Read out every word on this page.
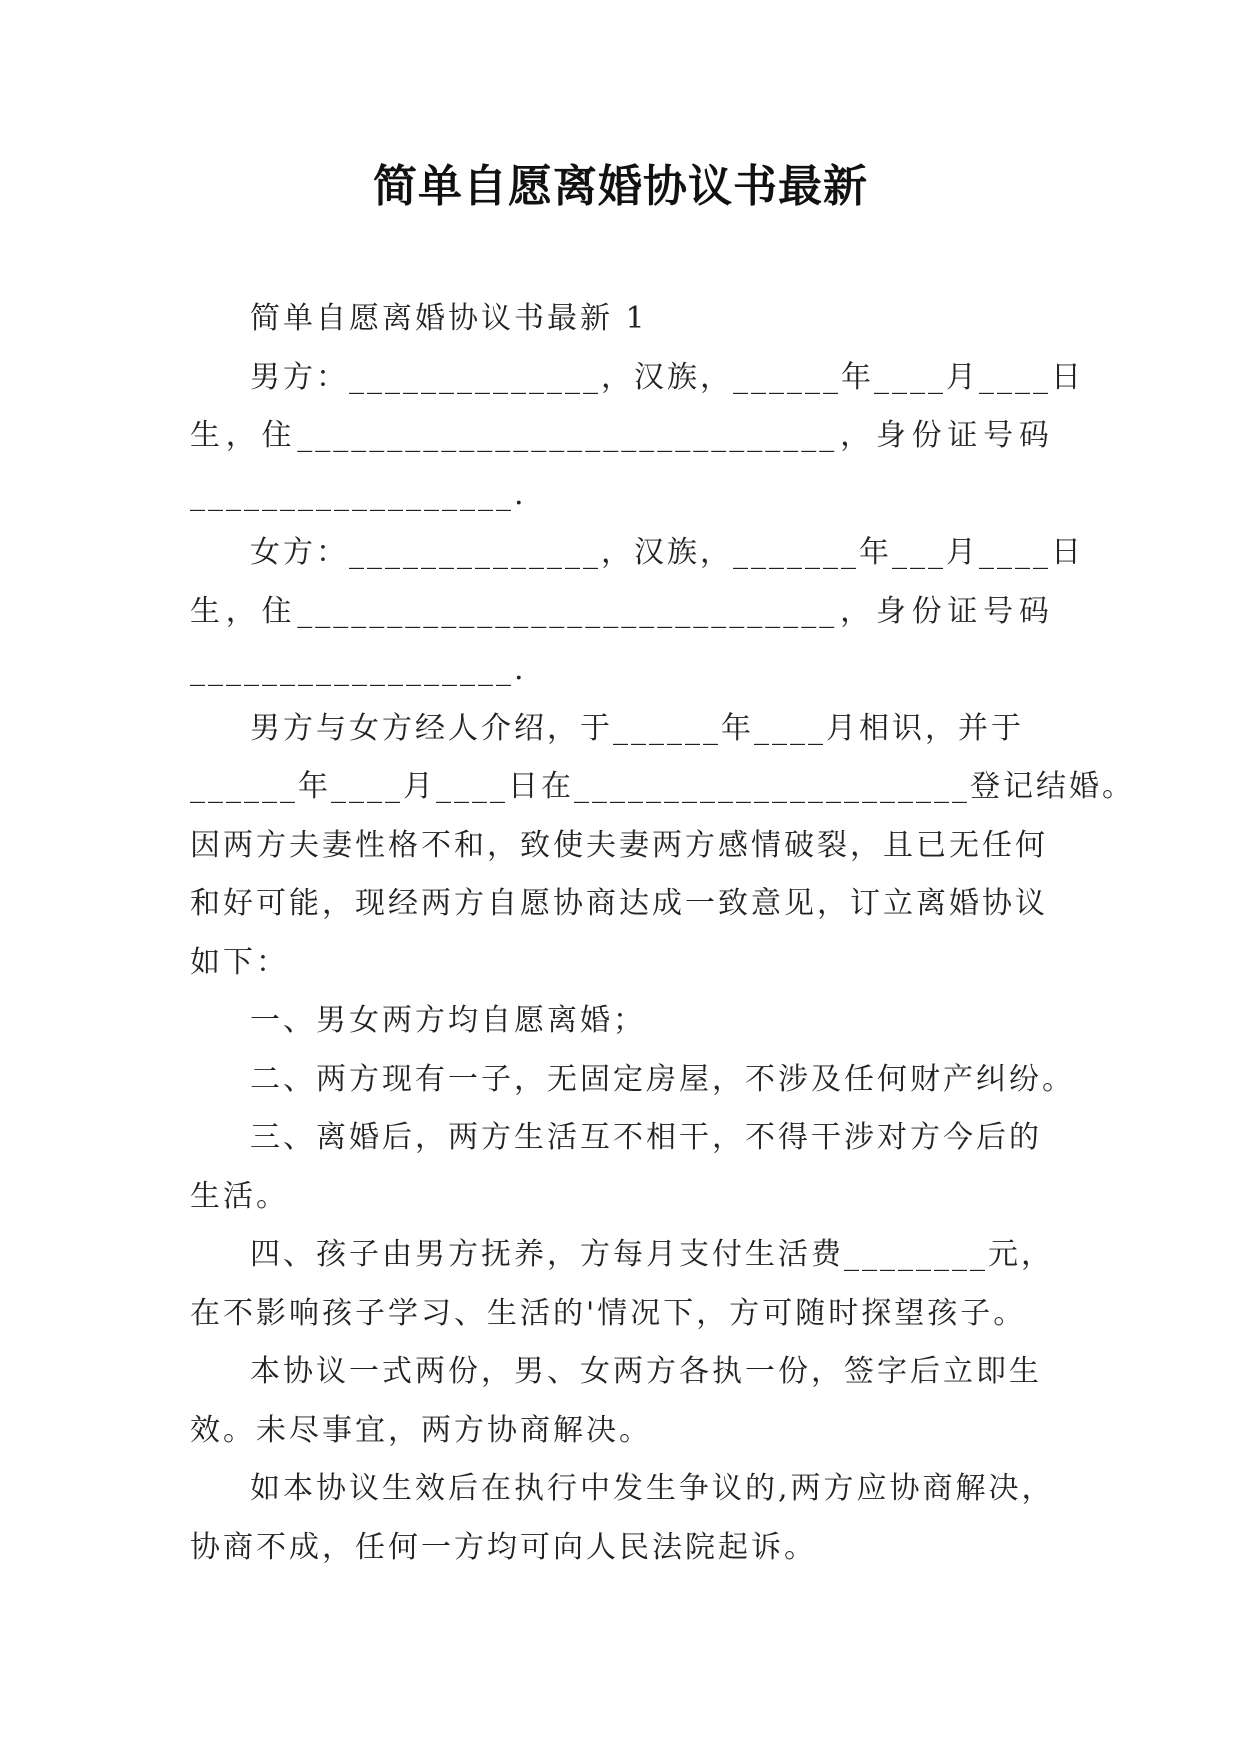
简单自愿离婚协议书最新
简单自愿离婚协议书最新 1
男方：______________，汉族，______年____月____日
生 ， 住 ______________________________ ， 身 份 证 号 码
__________________.
女方：______________，汉族，_______年___月____日
生 ， 住 ______________________________ ， 身 份 证 号 码
__________________.
男方与女方经人介绍，于______年____月相识，并于
______年____月____日在______________________登记结婚。
因两方夫妻性格不和，致使夫妻两方感情破裂，且已无任何
和好可能，现经两方自愿协商达成一致意见，订立离婚协议
如下：
一、男女两方均自愿离婚；
二、两方现有一子，无固定房屋，不涉及任何财产纠纷。
三、离婚后，两方生活互不相干，不得干涉对方今后的
生活。
四、孩子由男方抚养，方每月支付生活费________元，
在不影响孩子学习、生活的'情况下，方可随时探望孩子。
本协议一式两份，男、女两方各执一份，签字后立即生
效。未尽事宜，两方协商解决。
如本协议生效后在执行中发生争议的,两方应协商解决，
协商不成，任何一方均可向人民法院起诉。
